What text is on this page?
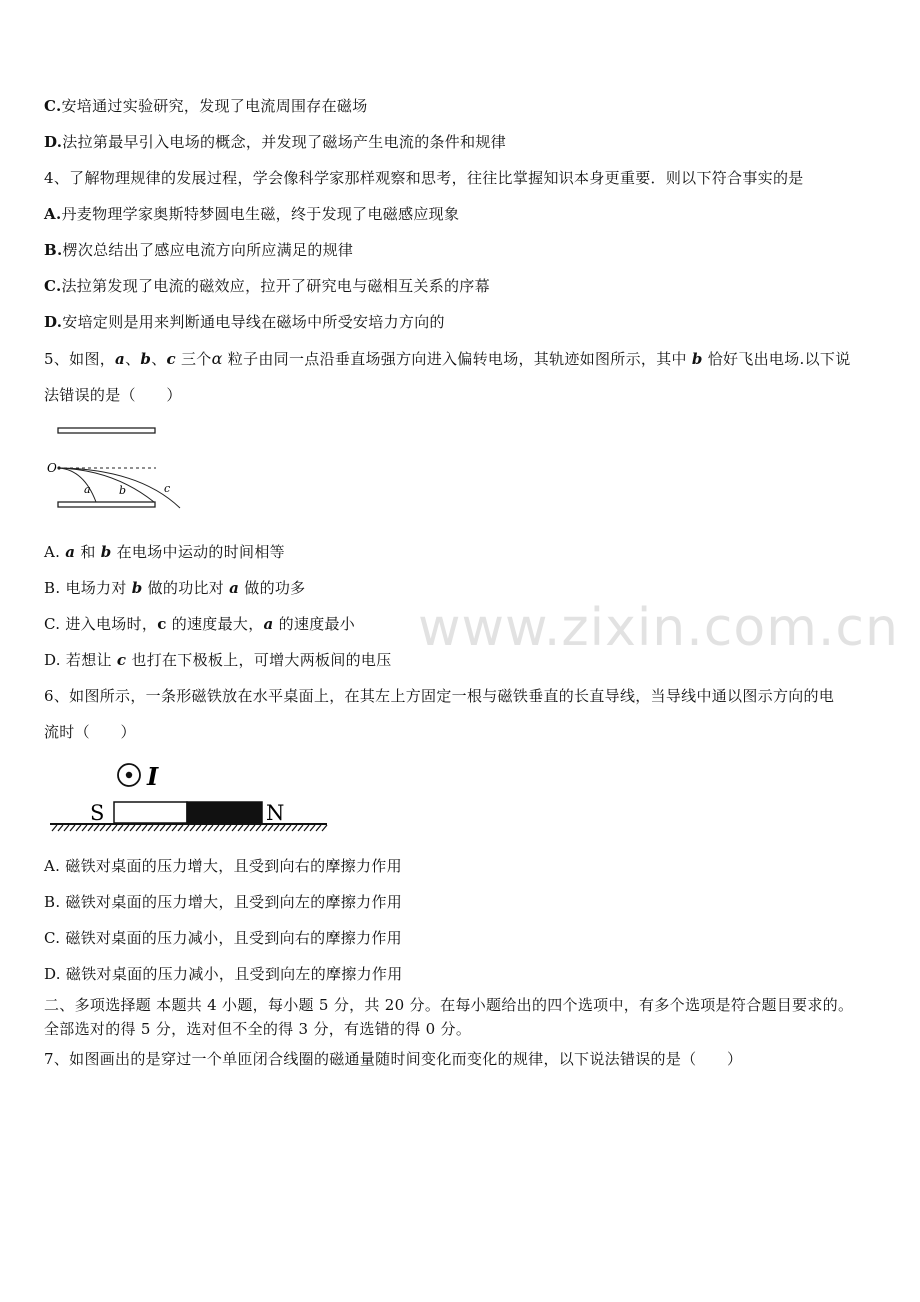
C.安培通过实验研究，发现了电流周围存在磁场
D.法拉第最早引入电场的概念，并发现了磁场产生电流的条件和规律
4、了解物理规律的发展过程，学会像科学家那样观察和思考，往往比掌握知识本身更重要．则以下符合事实的是
A.丹麦物理学家奥斯特梦圆电生磁，终于发现了电磁感应现象
B.楞次总结出了感应电流方向所应满足的规律
C.法拉第发现了电流的磁效应，拉开了研究电与磁相互关系的序幕
D.安培定则是用来判断通电导线在磁场中所受安培力方向的
5、如图，a、b、c 三个α 粒子由同一点沿垂直场强方向进入偏转电场，其轨迹如图所示，其中 b 恰好飞出电场.以下说
法错误的是（　　）
O
a	b	c
A. a 和 b 在电场中运动的时间相等
B. 电场力对 b 做的功比对 a 做的功多
C. 进入电场时，c 的速度最大，a 的速度最小
D. 若想让 c 也打在下极板上，可增大两板间的电压
www.zixin.com.cn
6、如图所示，一条形磁铁放在水平桌面上，在其左上方固定一根与磁铁垂直的长直导线，当导线中通以图示方向的电
流时（　　）
I
S	N
A. 磁铁对桌面的压力增大，且受到向右的摩擦力作用
B. 磁铁对桌面的压力增大，且受到向左的摩擦力作用
C. 磁铁对桌面的压力减小，且受到向右的摩擦力作用
D. 磁铁对桌面的压力减小，且受到向左的摩擦力作用
二、多项选择题 本题共 4 小题，每小题 5 分，共 20 分。在每小题给出的四个选项中，有多个选项是符合题目要求的。
全部选对的得 5 分，选对但不全的得 3 分，有选错的得 0 分。
7、如图画出的是穿过一个单匝闭合线圈的磁通量随时间变化而变化的规律，以下说法错误的是（　　）
